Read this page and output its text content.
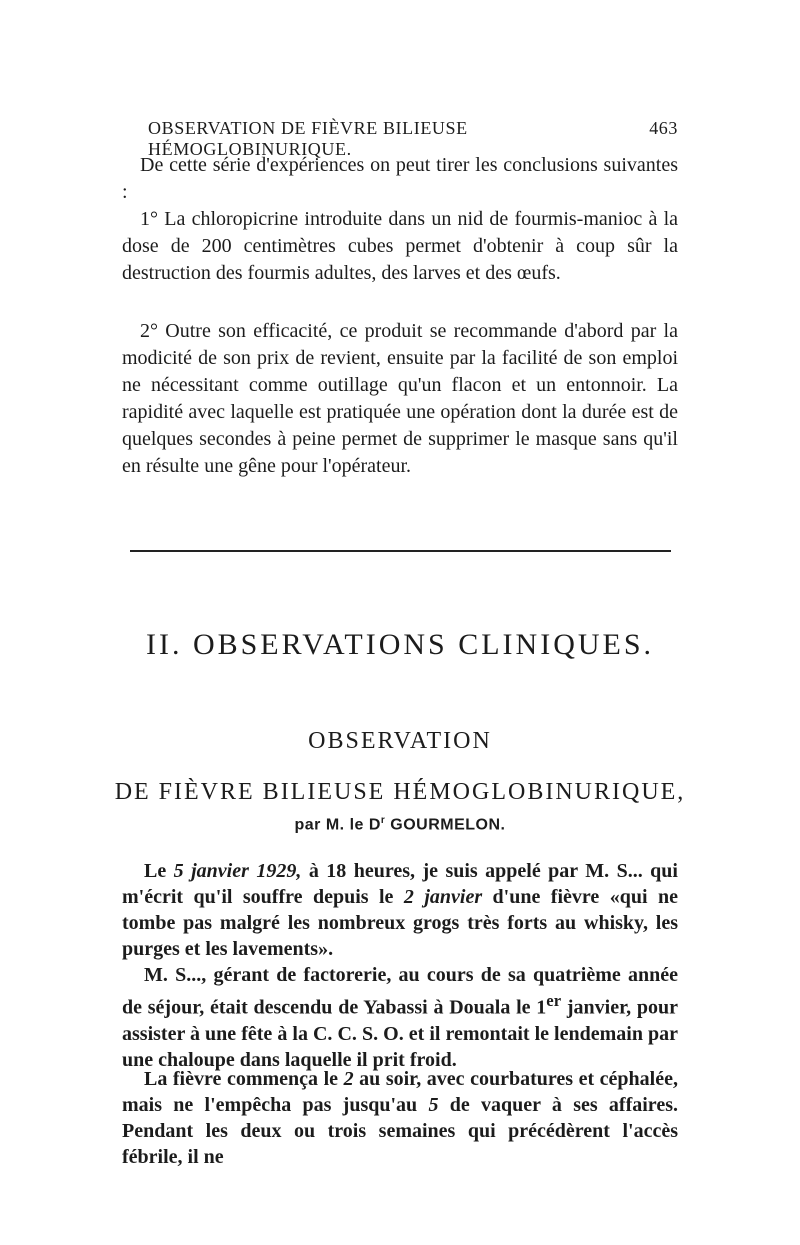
OBSERVATION DE FIÈVRE BILIEUSE HÉMOGLOBINURIQUE.
463

De cette série d'expériences on peut tirer les conclusions suivantes :

1° La chloropicrine introduite dans un nid de fourmis-manioc à la dose de 200 centimètres cubes permet d'obtenir à coup sûr la destruction des fourmis adultes, des larves et des œufs.

2° Outre son efficacité, ce produit se recommande d'abord par la modicité de son prix de revient, ensuite par la facilité de son emploi ne nécessitant comme outillage qu'un flacon et un entonnoir. La rapidité avec laquelle est pratiquée une opération dont la durée est de quelques secondes à peine permet de supprimer le masque sans qu'il en résulte une gêne pour l'opérateur.

II. OBSERVATIONS CLINIQUES.
OBSERVATION
DE FIÈVRE BILIEUSE HÉMOGLOBINURIQUE,
par M. le $D^r$ GOURMELON.

Le 5 janvier 1929, à 18 heures, je suis appelé par M. S... qui m'écrit qu'il souffre depuis le 2 janvier d'une fièvre «qui ne tombe pas malgré les nombreux grogs très forts au whisky, les purges et les lavements».

M. S..., gérant de factorerie, au cours de sa quatrième année de séjour, était descendu de Yabassi à Douala le 1er janvier, pour assister à une fête à la C. C. S. O. et il remontait le lendemain par une chaloupe dans laquelle il prit froid.

La fièvre commença le 2 au soir, avec courbatures et céphalée, mais ne l'empêcha pas jusqu'au 5 de vaquer à ses affaires. Pendant les deux ou trois semaines qui précédèrent l'accès fébrile, il ne
